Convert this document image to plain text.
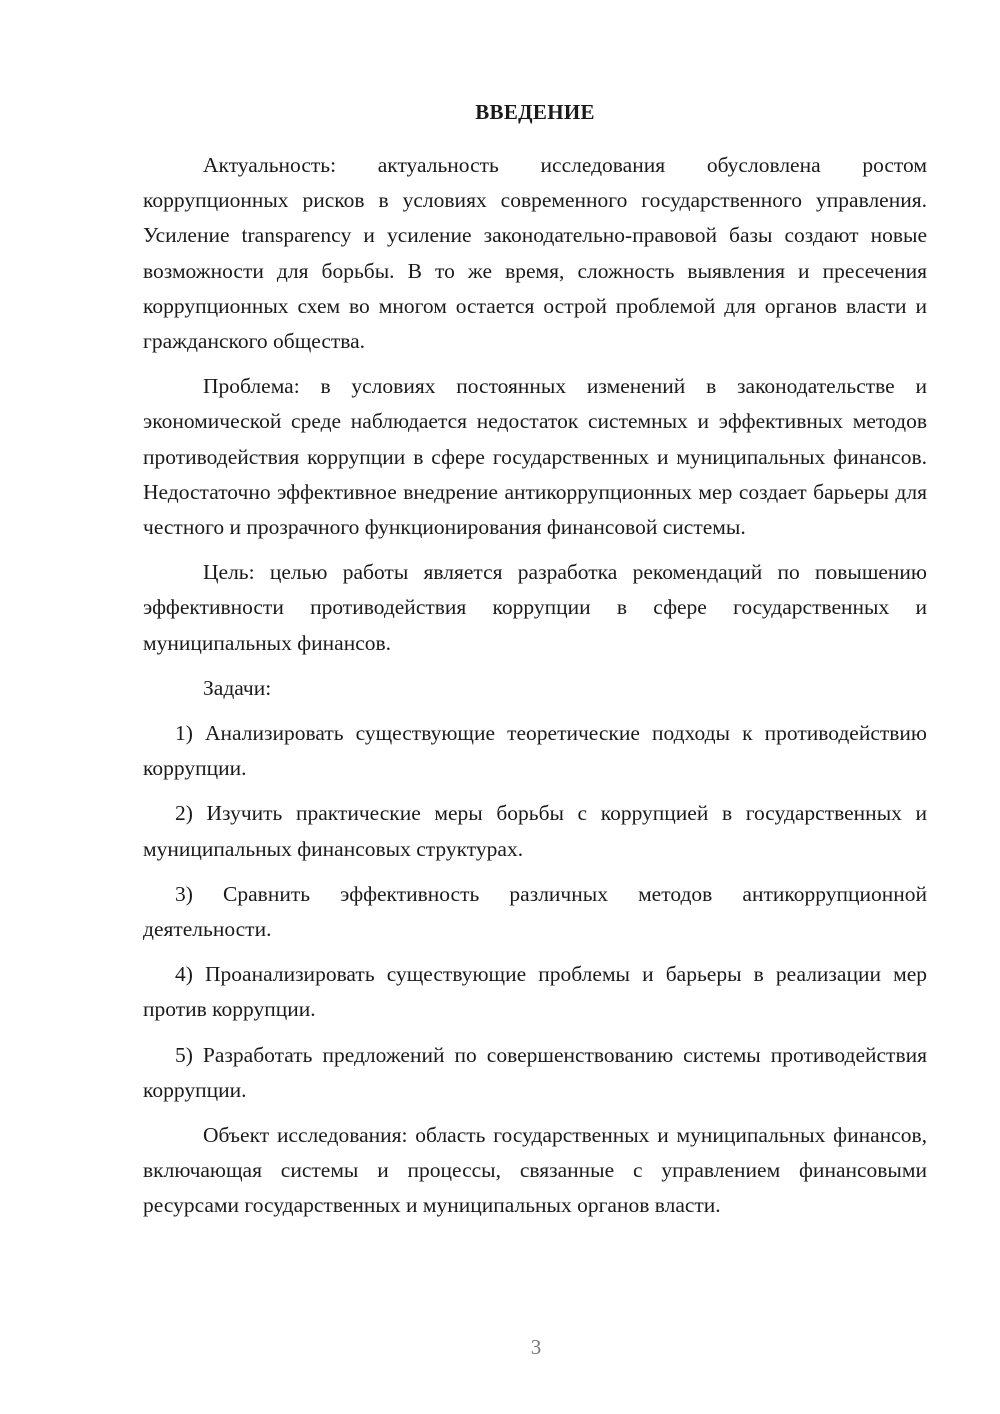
ВВЕДЕНИЕ

Актуальность: актуальность исследования обусловлена ростом коррупционных рисков в условиях современного государственного управления. Усиление transparency и усиление законодательно-правовой базы создают новые возможности для борьбы. В то же время, сложность выявления и пресечения коррупционных схем во многом остается острой проблемой для органов власти и гражданского общества.

Проблема: в условиях постоянных изменений в законодательстве и экономической среде наблюдается недостаток системных и эффективных методов противодействия коррупции в сфере государственных и муниципальных финансов. Недостаточно эффективное внедрение антикоррупционных мер создает барьеры для честного и прозрачного функционирования финансовой системы.

Цель: целью работы является разработка рекомендаций по повышению эффективности противодействия коррупции в сфере государственных и муниципальных финансов.

Задачи:

1) Анализировать существующие теоретические подходы к противодействию коррупции.

2) Изучить практические меры борьбы с коррупцией в государственных и муниципальных финансовых структурах.

3) Сравнить эффективность различных методов антикоррупционной деятельности.

4) Проанализировать существующие проблемы и барьеры в реализации мер против коррупции.

5) Разработать предложений по совершенствованию системы противодействия коррупции.

Объект исследования: область государственных и муниципальных финансов, включающая системы и процессы, связанные с управлением финансовыми ресурсами государственных и муниципальных органов власти.

3
